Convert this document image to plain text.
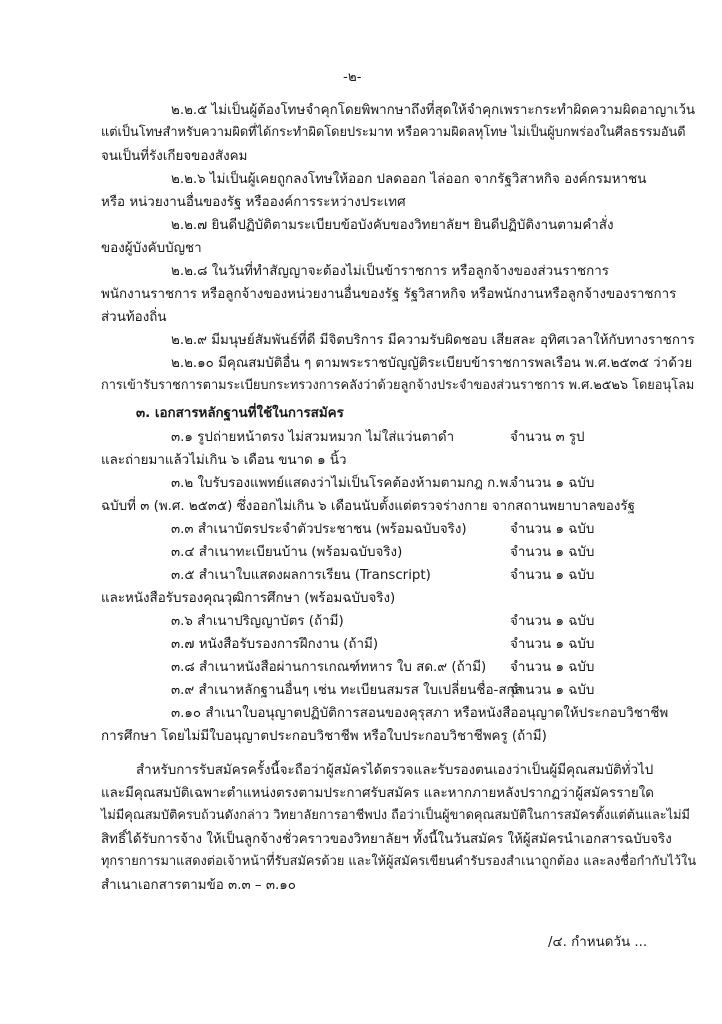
-๒-
๒.๒.๕ ไม่เป็นผู้ต้องโทษจำคุกโดยพิพากษาถึงที่สุดให้จำคุกเพราะกระทำผิดความผิดอาญาเว้น
แต่เป็นโทษสำหรับความผิดที่ได้กระทำผิดโดยประมาท หรือความผิดลหุโทษ ไม่เป็นผู้บกพร่องในศีลธรรมอันดี
จนเป็นที่รังเกียจของสังคม
๒.๒.๖ ไม่เป็นผู้เคยถูกลงโทษให้ออก ปลดออก ไล่ออก จากรัฐวิสาหกิจ องค์กรมหาชน
หรือ หน่วยงานอื่นของรัฐ หรือองค์การระหว่างประเทศ
๒.๒.๗ ยินดีปฏิบัติตามระเบียบข้อบังคับของวิทยาลัยฯ ยินดีปฏิบัติงานตามคำสั่ง
ของผู้บังคับบัญชา
๒.๒.๘ ในวันที่ทำสัญญาจะต้องไม่เป็นข้าราชการ หรือลูกจ้างของส่วนราชการ
พนักงานราชการ หรือลูกจ้างของหน่วยงานอื่นของรัฐ รัฐวิสาหกิจ หรือพนักงานหรือลูกจ้างของราชการ
ส่วนท้องถิ่น
๒.๒.๙ มีมนุษย์สัมพันธ์ที่ดี มีจิตบริการ มีความรับผิดชอบ เสียสละ อุทิศเวลาให้กับทางราชการ
๒.๒.๑๐ มีคุณสมบัติอื่น ๆ ตามพระราชบัญญัติระเบียบข้าราชการพลเรือน พ.ศ.๒๕๓๕ ว่าด้วย
การเข้ารับราชการตามระเบียบกระทรวงการคลังว่าด้วยลูกจ้างประจำของส่วนราชการ พ.ศ.๒๕๒๖ โดยอนุโลม
๓. เอกสารหลักฐานที่ใช้ในการสมัคร
๓.๑ รูปถ่ายหน้าตรง ไม่สวมหมวก ไม่ใส่แว่นตาดำ	จำนวน ๓ รูป
และถ่ายมาแล้วไม่เกิน ๖ เดือน ขนาด ๑ นิ้ว
๓.๒ ใบรับรองแพทย์แสดงว่าไม่เป็นโรคต้องห้ามตามกฎ ก.พ.
จำนวน ๑ ฉบับ
ฉบับที่ ๓ (พ.ศ. ๒๕๓๕) ซึ่งออกไม่เกิน ๖ เดือนนับตั้งแต่ตรวจร่างกาย จากสถานพยาบาลของรัฐ
๓.๓ สำเนาบัตรประจำตัวประชาชน (พร้อมฉบับจริง)	จำนวน ๑ ฉบับ
๓.๔ สำเนาทะเบียนบ้าน (พร้อมฉบับจริง)	จำนวน ๑ ฉบับ
๓.๕ สำเนาใบแสดงผลการเรียน (Transcript)	จำนวน ๑ ฉบับ
และหนังสือรับรองคุณวุฒิการศึกษา (พร้อมฉบับจริง)
๓.๖ สำเนาปริญญาบัตร (ถ้ามี)	จำนวน ๑ ฉบับ
๓.๗ หนังสือรับรองการฝึกงาน (ถ้ามี)	จำนวน ๑ ฉบับ
๓.๘ สำเนาหนังสือผ่านการเกณฑ์ทหาร ใบ สด.๙ (ถ้ามี) จำนวน ๑ ฉบับ
๓.๙ สำเนาหลักฐานอื่นๆ เช่น ทะเบียนสมรส ใบเปลี่ยนชื่อ-สกุล
จำนวน ๑ ฉบับ
๓.๑๐ สำเนาใบอนุญาตปฏิบัติการสอนของคุรุสภา หรือหนังสืออนุญาตให้ประกอบวิชาชีพ
การศึกษา โดยไม่มีใบอนุญาตประกอบวิชาชีพ หรือใบประกอบวิชาชีพครู (ถ้ามี)
สำหรับการรับสมัครครั้งนี้จะถือว่าผู้สมัครได้ตรวจและรับรองตนเองว่าเป็นผู้มีคุณสมบัติทั่วไป
และมีคุณสมบัติเฉพาะตำแหน่งตรงตามประกาศรับสมัคร และหากภายหลังปรากฏว่าผู้สมัครรายใด
ไม่มีคุณสมบัติครบถ้วนดังกล่าว วิทยาลัยการอาชีพปง ถือว่าเป็นผู้ขาดคุณสมบัติในการสมัครตั้งแต่ต้นและไม่มี
สิทธิ์ได้รับการจ้าง ให้เป็นลูกจ้างชั่วคราวของวิทยาลัยฯ ทั้งนี้ในวันสมัคร ให้ผู้สมัครนำเอกสารฉบับจริง
ทุกรายการมาแสดงต่อเจ้าหน้าที่รับสมัครด้วย และให้ผู้สมัครเขียนคำรับรองสำเนาถูกต้อง และลงชื่อกำกับไว้ใน
สำเนาเอกสารตามข้อ ๓.๓ – ๓.๑๐
/๔. กำหนดวัน ...
